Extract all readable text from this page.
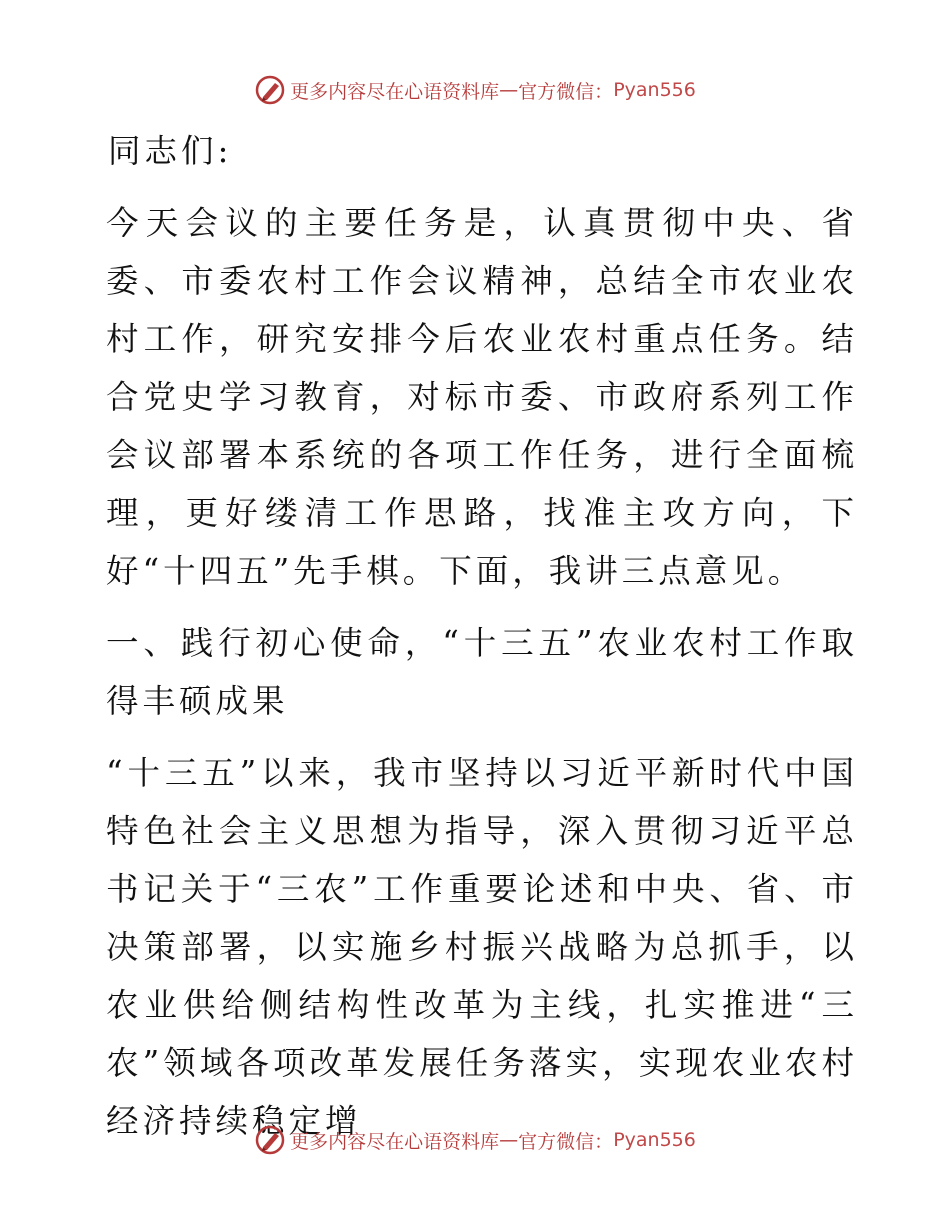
更多内容尽在心语资料库 — 官方微信： Pyan556

同志们:

今天会议的主要任务是，认真贯彻中央、省委、市委农村工作会议精神，总结全市农业农村工作，研究安排今后农业农村重点任务。结合党史学习教育，对标市委、市政府系列工作会议部署本系统的各项工作任务，进行全面梳理，更好缕清工作思路，找准主攻方向，下好“十四五”先手棋。下面，我讲三点意见。

一、践行初心使命，“十三五”农业农村工作取得丰硕成果

“十三五”以来，我市坚持以习近平新时代中国特色社会主义思想为指导，深入贯彻习近平总书记关于“三农”工作重要论述和中央、省、市决策部署，以实施乡村振兴战略为总抓手，以农业供给侧结构性改革为主线，扎实推进“三农”领域各项改革发展任务落实，实现农业农村经济持续稳定增

更多内容尽在心语资料库 — 官方微信： Pyan556
